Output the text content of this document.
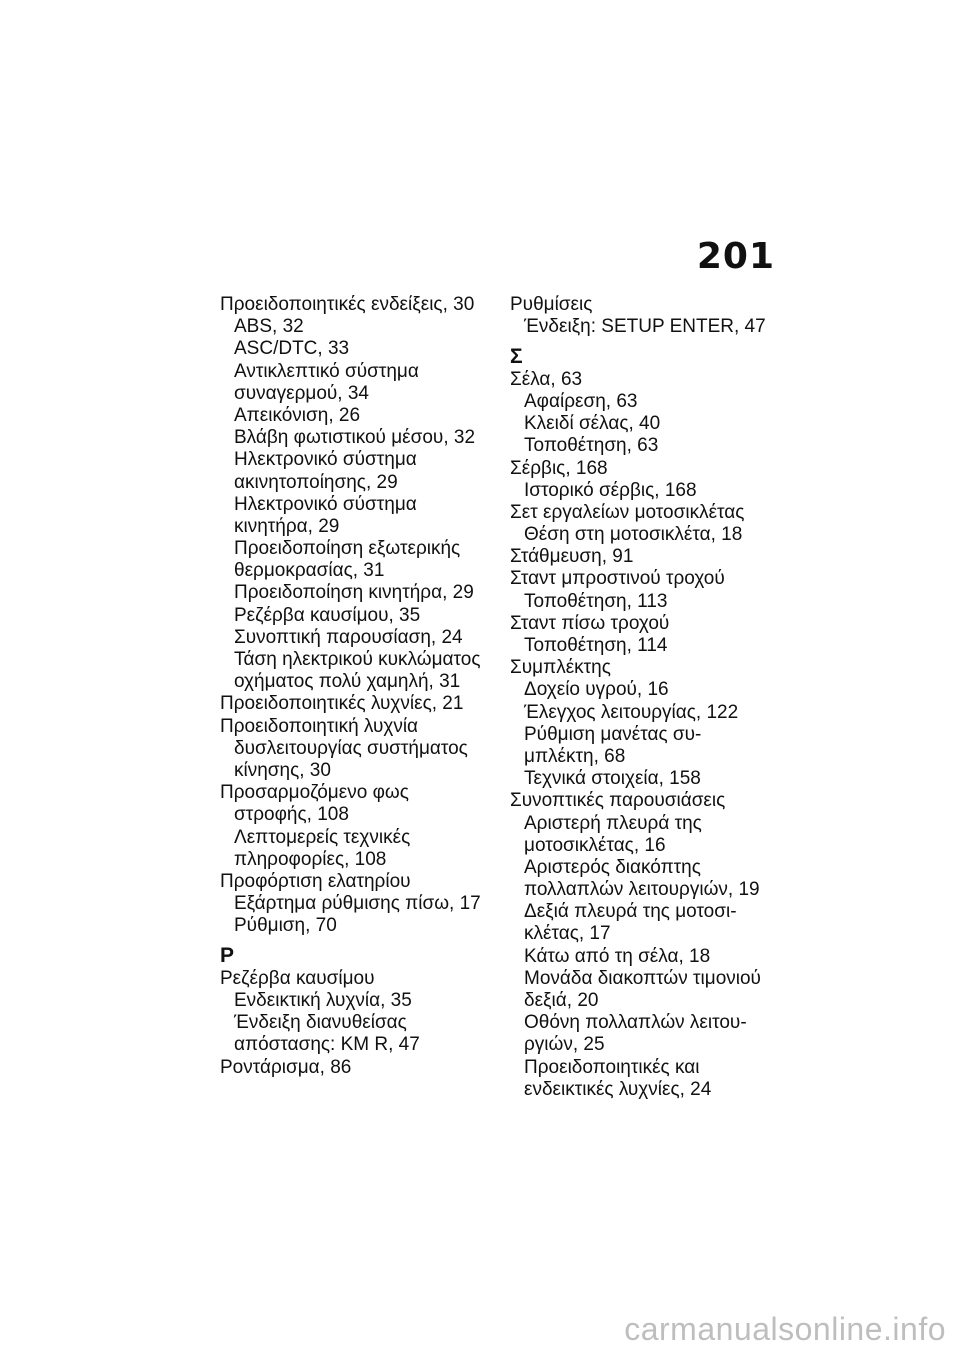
201
Προειδοποιητικές ενδείξεις, 30
ABS, 32
ASC/DTC, 33
Αντικλεπτικό σύστημα
συναγερμού, 34
Απεικόνιση, 26
Βλάβη φωτιστικού μέσου, 32
Ηλεκτρονικό σύστημα
ακινητοποίησης, 29
Ηλεκτρονικό σύστημα
κινητήρα, 29
Προειδοποίηση εξωτερικής
θερμοκρασίας, 31
Προειδοποίηση κινητήρα, 29
Ρεζέρβα καυσίμου, 35
Συνοπτική παρουσίαση, 24
Τάση ηλεκτρικού κυκλώματος
οχήματος πολύ χαμηλή, 31
Προειδοποιητικές λυχνίες, 21
Προειδοποιητική λυχνία
δυσλειτουργίας συστήματος
κίνησης, 30
Προσαρμοζόμενο φως
στροφής, 108
Λεπτομερείς τεχνικές
πληροφορίες, 108
Προφόρτιση ελατηρίου
Εξάρτημα ρύθμισης πίσω, 17
Ρύθμιση, 70
Ρ
Ρεζέρβα καυσίμου
Ενδεικτική λυχνία, 35
Ένδειξη διανυθείσας
απόστασης: KM R, 47
Ροντάρισμα, 86
Ρυθμίσεις
Ένδειξη: SETUP ENTER, 47
Σ
Σέλα, 63
Αφαίρεση, 63
Κλειδί σέλας, 40
Τοποθέτηση, 63
Σέρβις, 168
Ιστορικό σέρβις, 168
Σετ εργαλείων μοτοσικλέτας
Θέση στη μοτοσικλέτα, 18
Στάθμευση, 91
Σταντ μπροστινού τροχού
Τοποθέτηση, 113
Σταντ πίσω τροχού
Τοποθέτηση, 114
Συμπλέκτης
Δοχείο υγρού, 16
Έλεγχος λειτουργίας, 122
Ρύθμιση μανέτας συ-
μπλέκτη, 68
Τεχνικά στοιχεία, 158
Συνοπτικές παρουσιάσεις
Αριστερή πλευρά της
μοτοσικλέτας, 16
Αριστερός διακόπτης
πολλαπλών λειτουργιών, 19
Δεξιά πλευρά της μοτοσι-
κλέτας, 17
Κάτω από τη σέλα, 18
Μονάδα διακοπτών τιμονιού
δεξιά, 20
Οθόνη πολλαπλών λειτου-
ργιών, 25
Προειδοποιητικές και
ενδεικτικές λυχνίες, 24
carmanualsonline.info
